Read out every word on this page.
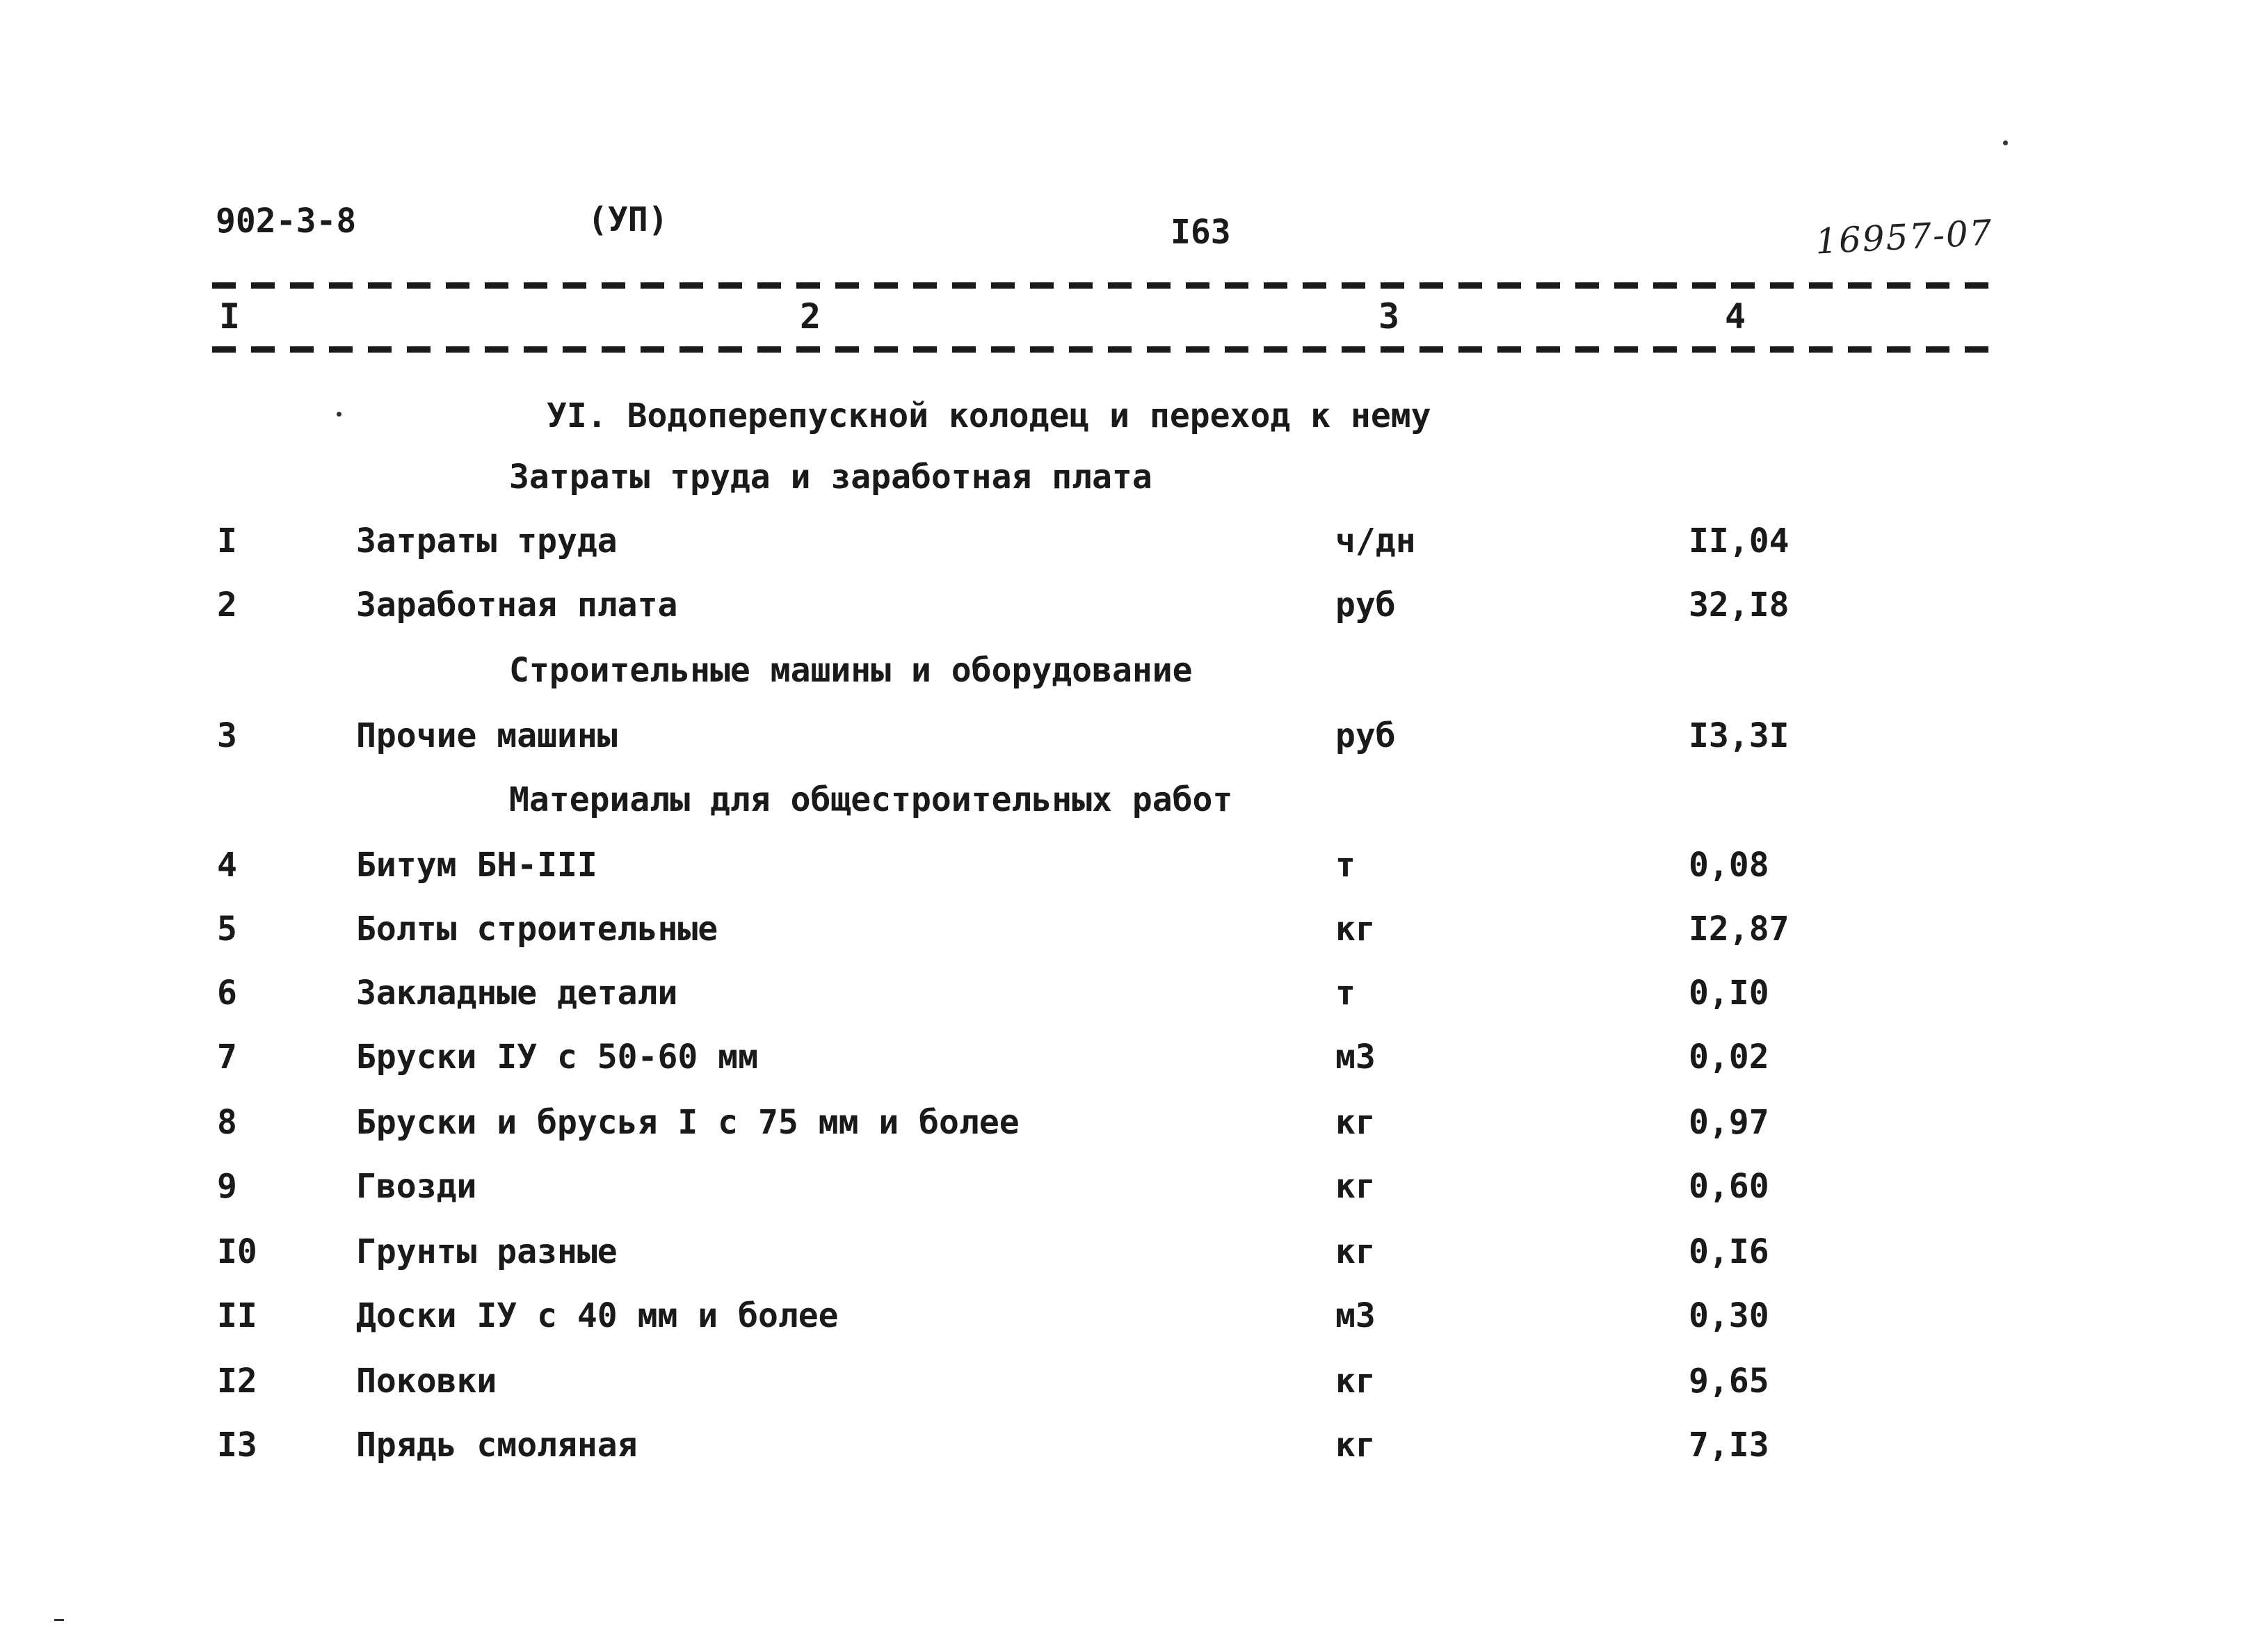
902-3-8	(УП)	I63	16957-07
I	2	3	4
УI. Водоперепускной колодец и переход к нему
Затраты труда и заработная плата
I	Затраты труда	ч/дн	II,04
2	Заработная плата	руб	32,I8
Строительные машины и оборудование
3	Прочие машины	руб	I3,3I
Материалы для общестроительных работ
4	Битум БН-III	т	0,08
5	Болты строительные	кг	I2,87
6	Закладные детали	т	0,I0
7	Бруски IУ с 50-60 мм	м3	0,02
8	Бруски и брусья I с 75 мм и более	кг	0,97
9	Гвозди	кг	0,60
I0	Грунты разные	кг	0,I6
II	Доски IУ с 40 мм и более	м3	0,30
I2	Поковки	кг	9,65
I3	Прядь смоляная	кг	7,I3
